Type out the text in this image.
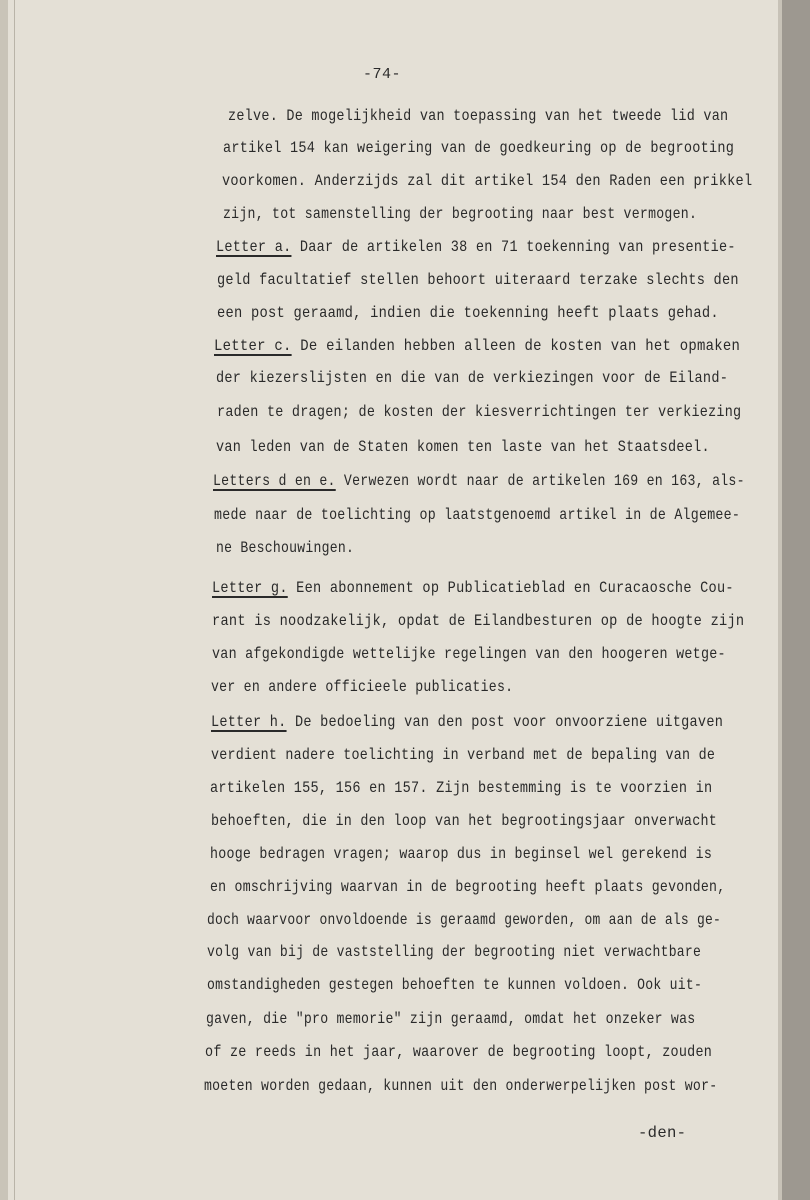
-74-
zelve. De mogelijkheid van toepassing van het tweede lid van
artikel 154 kan weigering van de goedkeuring op de begrooting
voorkomen. Anderzijds zal dit artikel 154 den Raden een prikkel
zijn, tot samenstelling der begrooting naar best vermogen.
Letter a. Daar de artikelen 38 en 71 toekenning van presentie-
geld facultatief stellen behoort uiteraard terzake slechts den
een post geraamd, indien die toekenning heeft plaats gehad.
Letter c. De eilanden hebben alleen de kosten van het opmaken
der kiezerslijsten en die van de verkiezingen voor de Eiland-
raden te dragen; de kosten der kiesverrichtingen ter verkiezing
van leden van de Staten komen ten laste van het Staatsdeel.
Letters d en e. Verwezen wordt naar de artikelen 169 en 163, als-
mede naar de toelichting op laatstgenoemd artikel in de Algemee-
ne Beschouwingen.
Letter g. Een abonnement op Publicatieblad en Curacaosche Cou-
rant is noodzakelijk, opdat de Eilandbesturen op de hoogte zijn
van afgekondigde wettelijke regelingen van den hoogeren wetge-
ver en andere officieele publicaties.
Letter h. De bedoeling van den post voor onvoorziene uitgaven
verdient nadere toelichting in verband met de bepaling van de
artikelen 155, 156 en 157. Zijn bestemming is te voorzien in
behoeften, die in den loop van het begrootingsjaar onverwacht
hooge bedragen vragen; waarop dus in beginsel wel gerekend is
en omschrijving waarvan in de begrooting heeft plaats gevonden,
doch waarvoor onvoldoende is geraamd geworden, om aan de als ge-
volg van bij de vaststelling der begrooting niet verwachtbare
omstandigheden gestegen behoeften te kunnen voldoen. Ook uit-
gaven, die "pro memorie" zijn geraamd, omdat het onzeker was
of ze reeds in het jaar, waarover de begrooting loopt, zouden
moeten worden gedaan, kunnen uit den onderwerpelijken post wor-
-den-
